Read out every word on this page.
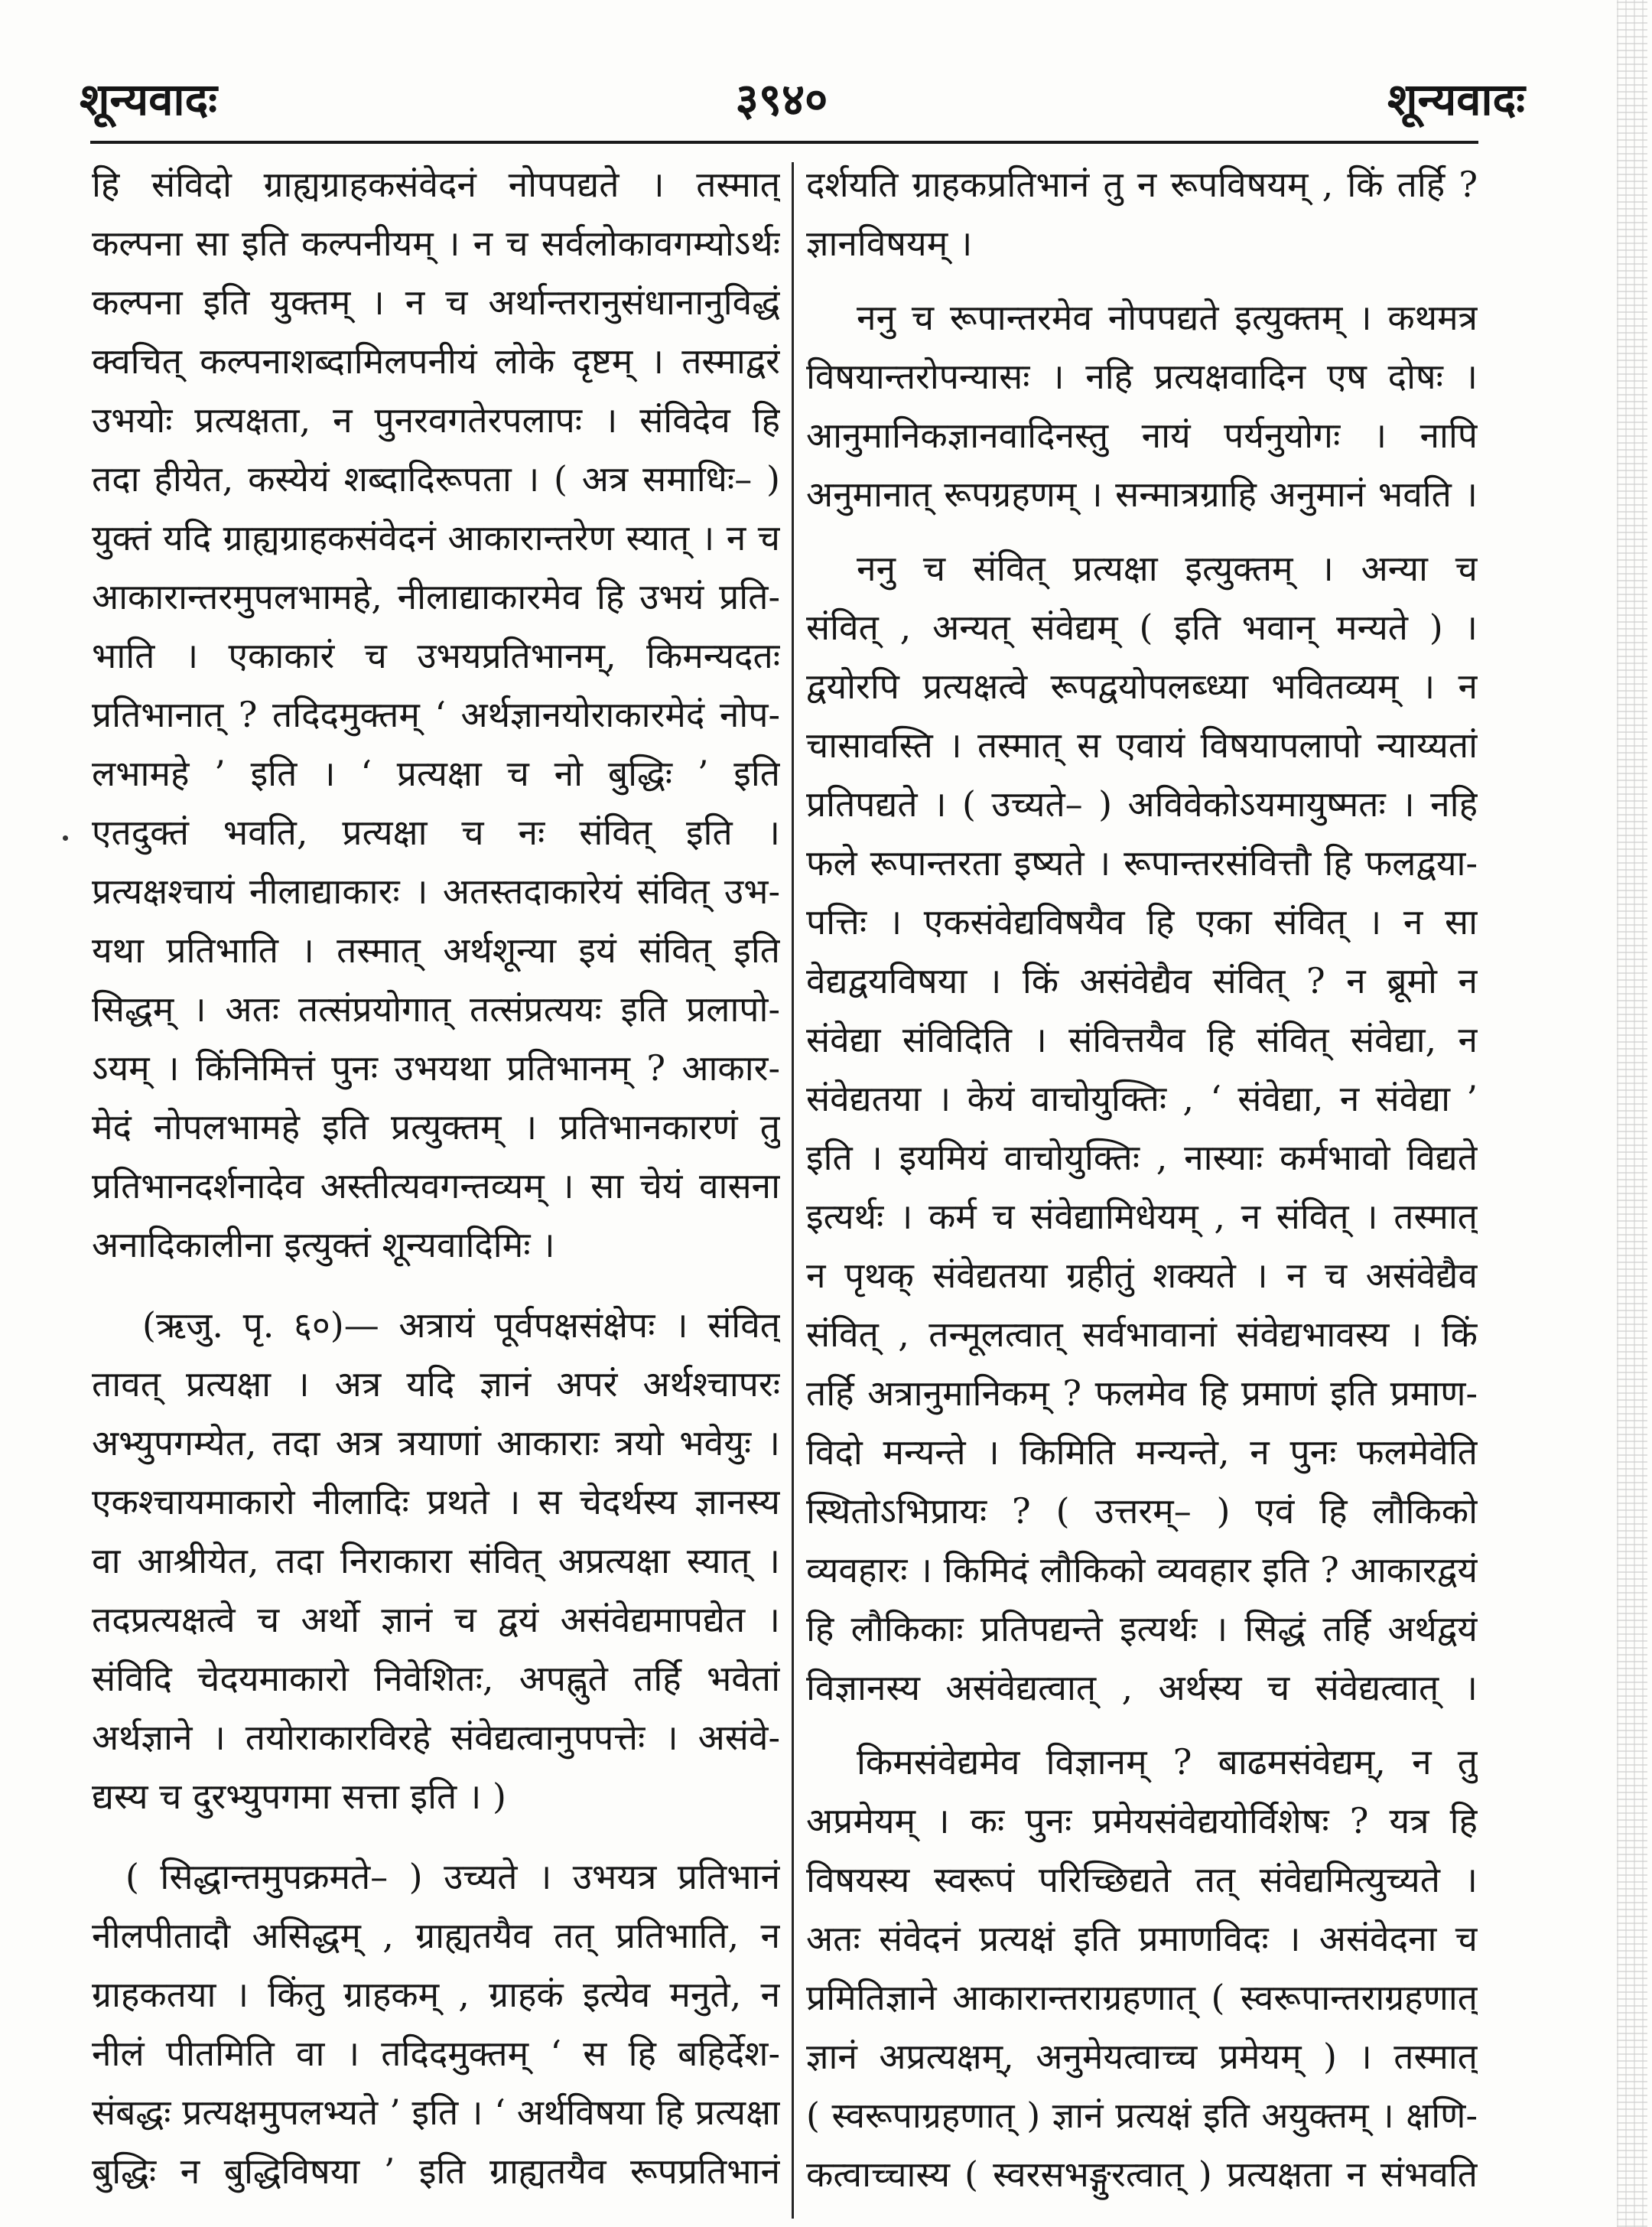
शून्यवादः	३९४०	शून्यवादः
हि संविदो ग्राह्यग्राहकसंवेदनं नोपपद्यते । तस्मात्
कल्पना सा इति कल्पनीयम् । न च सर्वलोकावगम्योऽर्थः
कल्पना इति युक्तम् । न च अर्थान्तरानुसंधानानुविद्धं
क्वचित् कल्पनाशब्दामिलपनीयं लोके दृष्टम् । तस्माद्वरं
उभयोः प्रत्यक्षता, न पुनरवगतेरपलापः । संविदेव हि
तदा हीयेत, कस्येयं शब्दादिरूपता । ( अत्र समाधिः– )
युक्तं यदि ग्राह्यग्राहकसंवेदनं आकारान्तरेण स्यात् । न च
आकारान्तरमुपलभामहे, नीलाद्याकारमेव हि उभयं प्रति-
भाति । एकाकारं च उभयप्रतिभानम्, किमन्यदतः
प्रतिभानात् ? तदिदमुक्तम् ‘ अर्थज्ञानयोराकारमेदं नोप-
लभामहे ’ इति । ‘ प्रत्यक्षा च नो बुद्धिः ’ इति
एतदुक्तं भवति, प्रत्यक्षा च नः संवित् इति ।
प्रत्यक्षश्चायं नीलाद्याकारः । अतस्तदाकारेयं संवित् उभ-
यथा प्रतिभाति । तस्मात् अर्थशून्या इयं संवित् इति
सिद्धम् । अतः तत्संप्रयोगात् तत्संप्रत्ययः इति प्रलापो-
ऽयम् । किंनिमित्तं पुनः उभयथा प्रतिभानम् ? आकार-
मेदं नोपलभामहे इति प्रत्युक्तम् । प्रतिभानकारणं तु
प्रतिभानदर्शनादेव अस्तीत्यवगन्तव्यम् । सा चेयं वासना
अनादिकालीना इत्युक्तं शून्यवादिमिः ।
(ऋजु. पृ. ६०)— अत्रायं पूर्वपक्षसंक्षेपः । संवित्
तावत् प्रत्यक्षा । अत्र यदि ज्ञानं अपरं अर्थश्चापरः
अभ्युपगम्येत, तदा अत्र त्रयाणां आकाराः त्रयो भवेयुः ।
एकश्चायमाकारो नीलादिः प्रथते । स चेदर्थस्य ज्ञानस्य
वा आश्रीयेत, तदा निराकारा संवित् अप्रत्यक्षा स्यात् ।
तदप्रत्यक्षत्वे च अर्थो ज्ञानं च द्वयं असंवेद्यमापद्येत ।
संविदि चेदयमाकारो निवेशितः, अपह्नुते तर्हि भवेतां
अर्थज्ञाने । तयोराकारविरहे संवेद्यत्वानुपपत्तेः । असंवे-
द्यस्य च दुरभ्युपगमा सत्ता इति । )
( सिद्धान्तमुपक्रमते– ) उच्यते । उभयत्र प्रतिभानं
नीलपीतादौ असिद्धम् , ग्राह्यतयैव तत् प्रतिभाति, न
ग्राहकतया । किंतु ग्राहकम् , ग्राहकं इत्येव मनुते, न
नीलं पीतमिति वा । तदिदमुक्तम् ‘ स हि बहिर्देश-
संबद्धः प्रत्यक्षमुपलभ्यते ’ इति । ‘ अर्थविषया हि प्रत्यक्षा
बुद्धिः न बुद्धिविषया ’ इति ग्राह्यतयैव रूपप्रतिभानं
दर्शयति ग्राहकप्रतिभानं तु न रूपविषयम् , किं तर्हि ?
ज्ञानविषयम् ।
ननु च रूपान्तरमेव नोपपद्यते इत्युक्तम् । कथमत्र
विषयान्तरोपन्यासः । नहि प्रत्यक्षवादिन एष दोषः ।
आनुमानिकज्ञानवादिनस्तु नायं पर्यनुयोगः । नापि
अनुमानात् रूपग्रहणम् । सन्मात्रग्राहि अनुमानं भवति ।
ननु च संवित् प्रत्यक्षा इत्युक्तम् । अन्या च
संवित् , अन्यत् संवेद्यम् ( इति भवान् मन्यते ) ।
द्वयोरपि प्रत्यक्षत्वे रूपद्वयोपलब्ध्या भवितव्यम् । न
चासावस्ति । तस्मात् स एवायं विषयापलापो न्याय्यतां
प्रतिपद्यते । ( उच्यते– ) अविवेकोऽयमायुष्मतः । नहि
फले रूपान्तरता इष्यते । रूपान्तरसंवित्तौ हि फलद्वया-
पत्तिः । एकसंवेद्यविषयैव हि एका संवित् । न सा
वेद्यद्वयविषया । किं असंवेद्यैव संवित् ? न ब्रूमो न
संवेद्या संविदिति । संवित्तयैव हि संवित् संवेद्या, न
संवेद्यतया । केयं वाचोयुक्तिः , ‘ संवेद्या, न संवेद्या ’
इति । इयमियं वाचोयुक्तिः , नास्याः कर्मभावो विद्यते
इत्यर्थः । कर्म च संवेद्यामिधेयम् , न संवित् । तस्मात्
न पृथक् संवेद्यतया ग्रहीतुं शक्यते । न च असंवेद्यैव
संवित् , तन्मूलत्वात् सर्वभावानां संवेद्यभावस्य । किं
तर्हि अत्रानुमानिकम् ? फलमेव हि प्रमाणं इति प्रमाण-
विदो मन्यन्ते । किमिति मन्यन्ते, न पुनः फलमेवेति
स्थितोऽभिप्रायः ? ( उत्तरम्– ) एवं हि लौकिको
व्यवहारः । किमिदं लौकिको व्यवहार इति ? आकारद्वयं
हि लौकिकाः प्रतिपद्यन्ते इत्यर्थः । सिद्धं तर्हि अर्थद्वयं
विज्ञानस्य असंवेद्यत्वात् , अर्थस्य च संवेद्यत्वात् ।
किमसंवेद्यमेव विज्ञानम् ? बाढमसंवेद्यम्, न तु
अप्रमेयम् । कः पुनः प्रमेयसंवेद्ययोर्विशेषः ? यत्र हि
विषयस्य स्वरूपं परिच्छिद्यते तत् संवेद्यमित्युच्यते ।
अतः संवेदनं प्रत्यक्षं इति प्रमाणविदः । असंवेदना च
प्रमितिज्ञाने आकारान्तराग्रहणात् ( स्वरूपान्तराग्रहणात्
ज्ञानं अप्रत्यक्षम्, अनुमेयत्वाच्च प्रमेयम् ) । तस्मात्
( स्वरूपाग्रहणात् ) ज्ञानं प्रत्यक्षं इति अयुक्तम् । क्षणि-
कत्वाच्चास्य ( स्वरसभङ्गुरत्वात् ) प्रत्यक्षता न संभवति
